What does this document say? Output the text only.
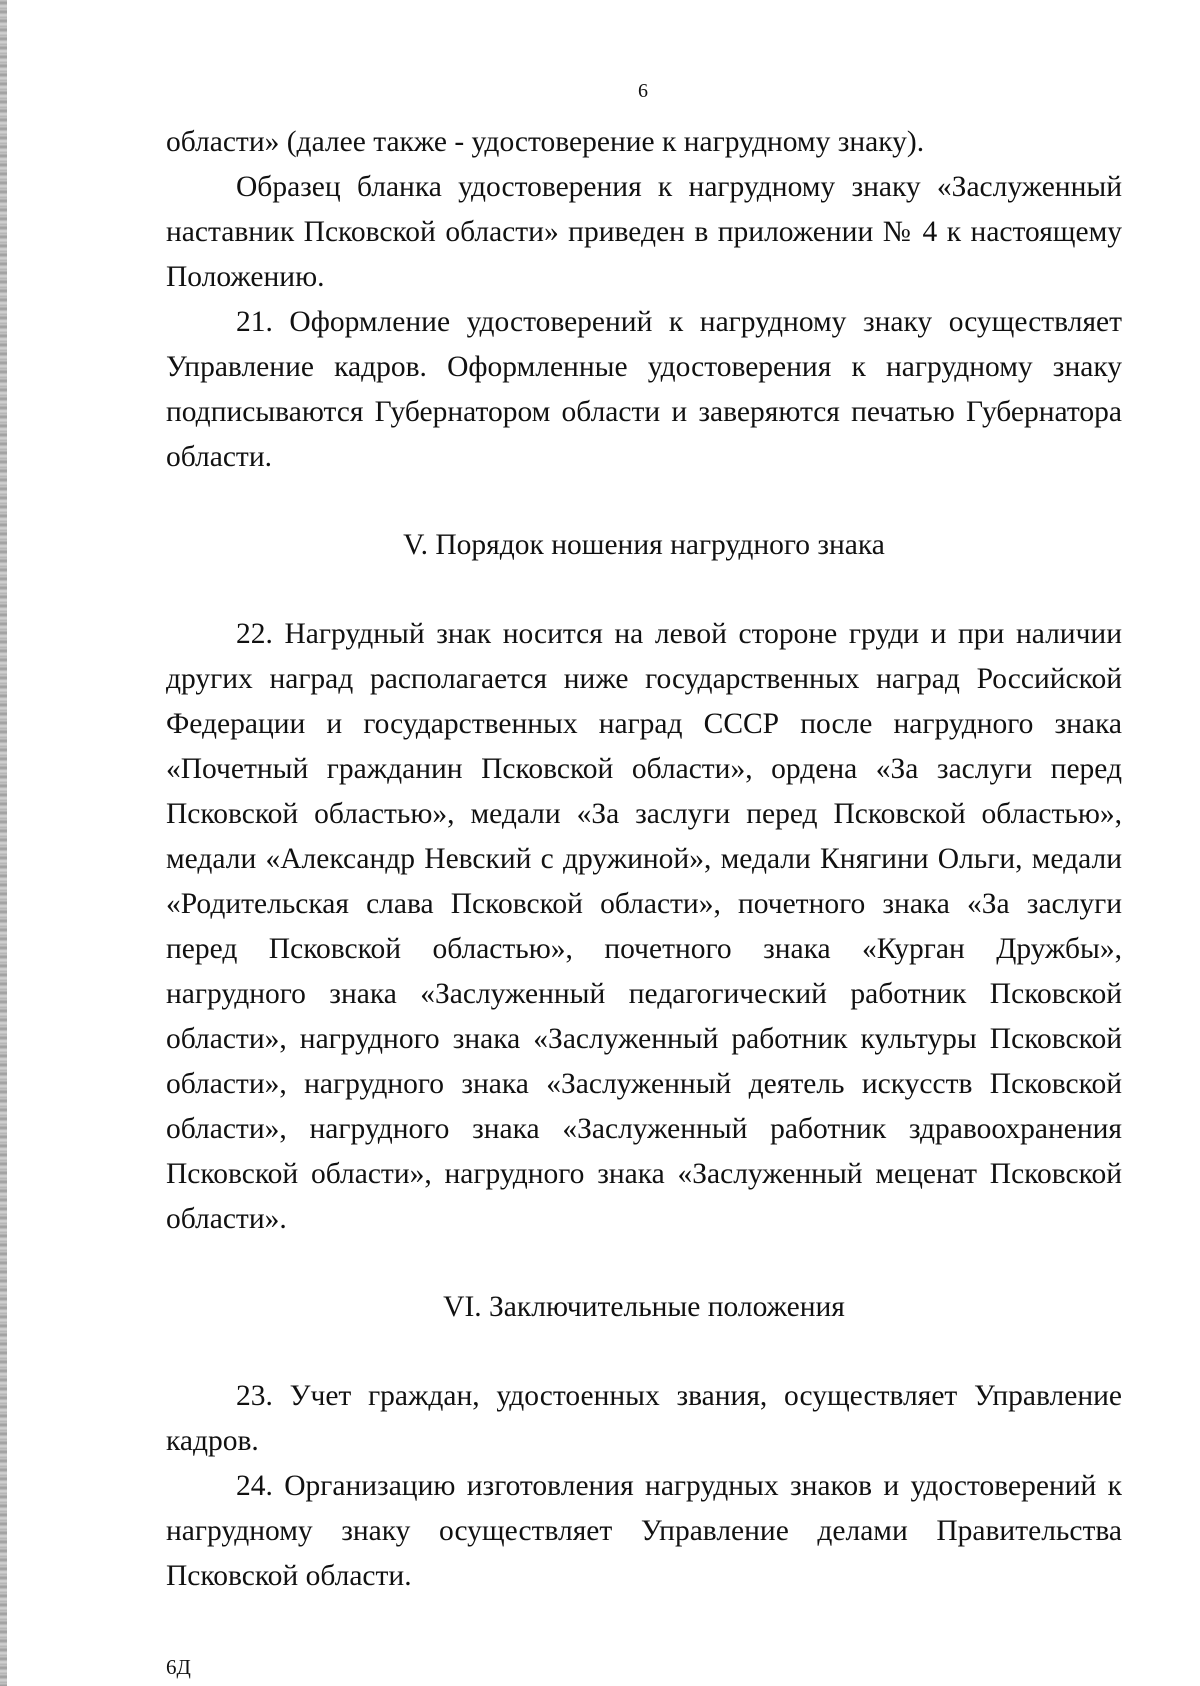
6

области» (далее также - удостоверение к нагрудному знаку).

Образец бланка удостоверения к нагрудному знаку «Заслуженный наставник Псковской области» приведен в приложении № 4 к настоящему Положению.

21. Оформление удостоверений к нагрудному знаку осуществляет Управление кадров. Оформленные удостоверения к нагрудному знаку подписываются Губернатором области и заверяются печатью Губернатора области.

V. Порядок ношения нагрудного знака

22. Нагрудный знак носится на левой стороне груди и при наличии других наград располагается ниже государственных наград Российской Федерации и государственных наград СССР после нагрудного знака «Почетный гражданин Псковской области», ордена «За заслуги перед Псковской областью», медали «За заслуги перед Псковской областью», медали «Александр Невский с дружиной», медали Княгини Ольги, медали «Родительская слава Псковской области», почетного знака «За заслуги перед Псковской областью», почетного знака «Курган Дружбы», нагрудного знака «Заслуженный педагогический работник Псковской области», нагрудного знака «Заслуженный работник культуры Псковской области», нагрудного знака «Заслуженный деятель искусств Псковской области», нагрудного знака «Заслуженный работник здравоохранения Псковской области», нагрудного знака «Заслуженный меценат Псковской области».

VI. Заключительные положения

23. Учет граждан, удостоенных звания, осуществляет Управление кадров.

24. Организацию изготовления нагрудных знаков и удостоверений к нагрудному знаку осуществляет Управление делами Правительства Псковской области.

6Д
